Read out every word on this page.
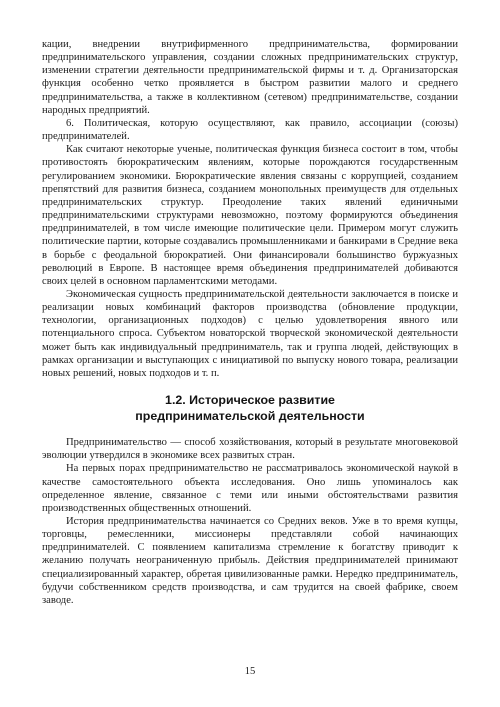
кации, внедрении внутрифирменного предпринимательства, формировании предпринимательского управления, создании сложных предпринимательских структур, изменении стратегии деятельности предпринимательской фирмы и т. д. Организаторская функция особенно четко проявляется в быстром развитии малого и среднего предпринимательства, а также в коллективном (сетевом) предпринимательстве, создании народных предприятий.

6. Политическая, которую осуществляют, как правило, ассоциации (союзы) предпринимателей.

Как считают некоторые ученые, политическая функция бизнеса состоит в том, чтобы противостоять бюрократическим явлениям, которые порождаются государственным регулированием экономики. Бюрократические явления связаны с коррупцией, созданием препятствий для развития бизнеса, созданием монопольных преимуществ для отдельных предпринимательских структур. Преодоление таких явлений единичными предпринимательскими структурами невозможно, поэтому формируются объединения предпринимателей, в том числе имеющие политические цели. Примером могут служить политические партии, которые создавались промышленниками и банкирами в Средние века в борьбе с феодальной бюрократией. Они финансировали большинство буржуазных революций в Европе. В настоящее время объединения предпринимателей добиваются своих целей в основном парламентскими методами.

Экономическая сущность предпринимательской деятельности заключается в поиске и реализации новых комбинаций факторов производства (обновление продукции, технологии, организационных подходов) с целью удовлетворения явного или потенциального спроса. Субъектом новаторской творческой экономической деятельности может быть как индивидуальный предприниматель, так и группа людей, действующих в рамках организации и выступающих с инициативой по выпуску нового товара, реализации новых решений, новых подходов и т. п.

1.2. Историческое развитие
предпринимательской деятельности

Предпринимательство — способ хозяйствования, который в результате многовековой эволюции утвердился в экономике всех развитых стран.

На первых порах предпринимательство не рассматривалось экономической наукой в качестве самостоятельного объекта исследования. Оно лишь упоминалось как определенное явление, связанное с теми или иными обстоятельствами развития производственных общественных отношений.

История предпринимательства начинается со Средних веков. Уже в то время купцы, торговцы, ремесленники, миссионеры представляли собой начинающих предпринимателей. С появлением капитализма стремление к богатству приводит к желанию получать неограниченную прибыль. Действия предпринимателей принимают специализированный характер, обретая цивилизованные рамки. Нередко предприниматель, будучи собственником средств производства, и сам трудится на своей фабрике, своем заводе.

15
